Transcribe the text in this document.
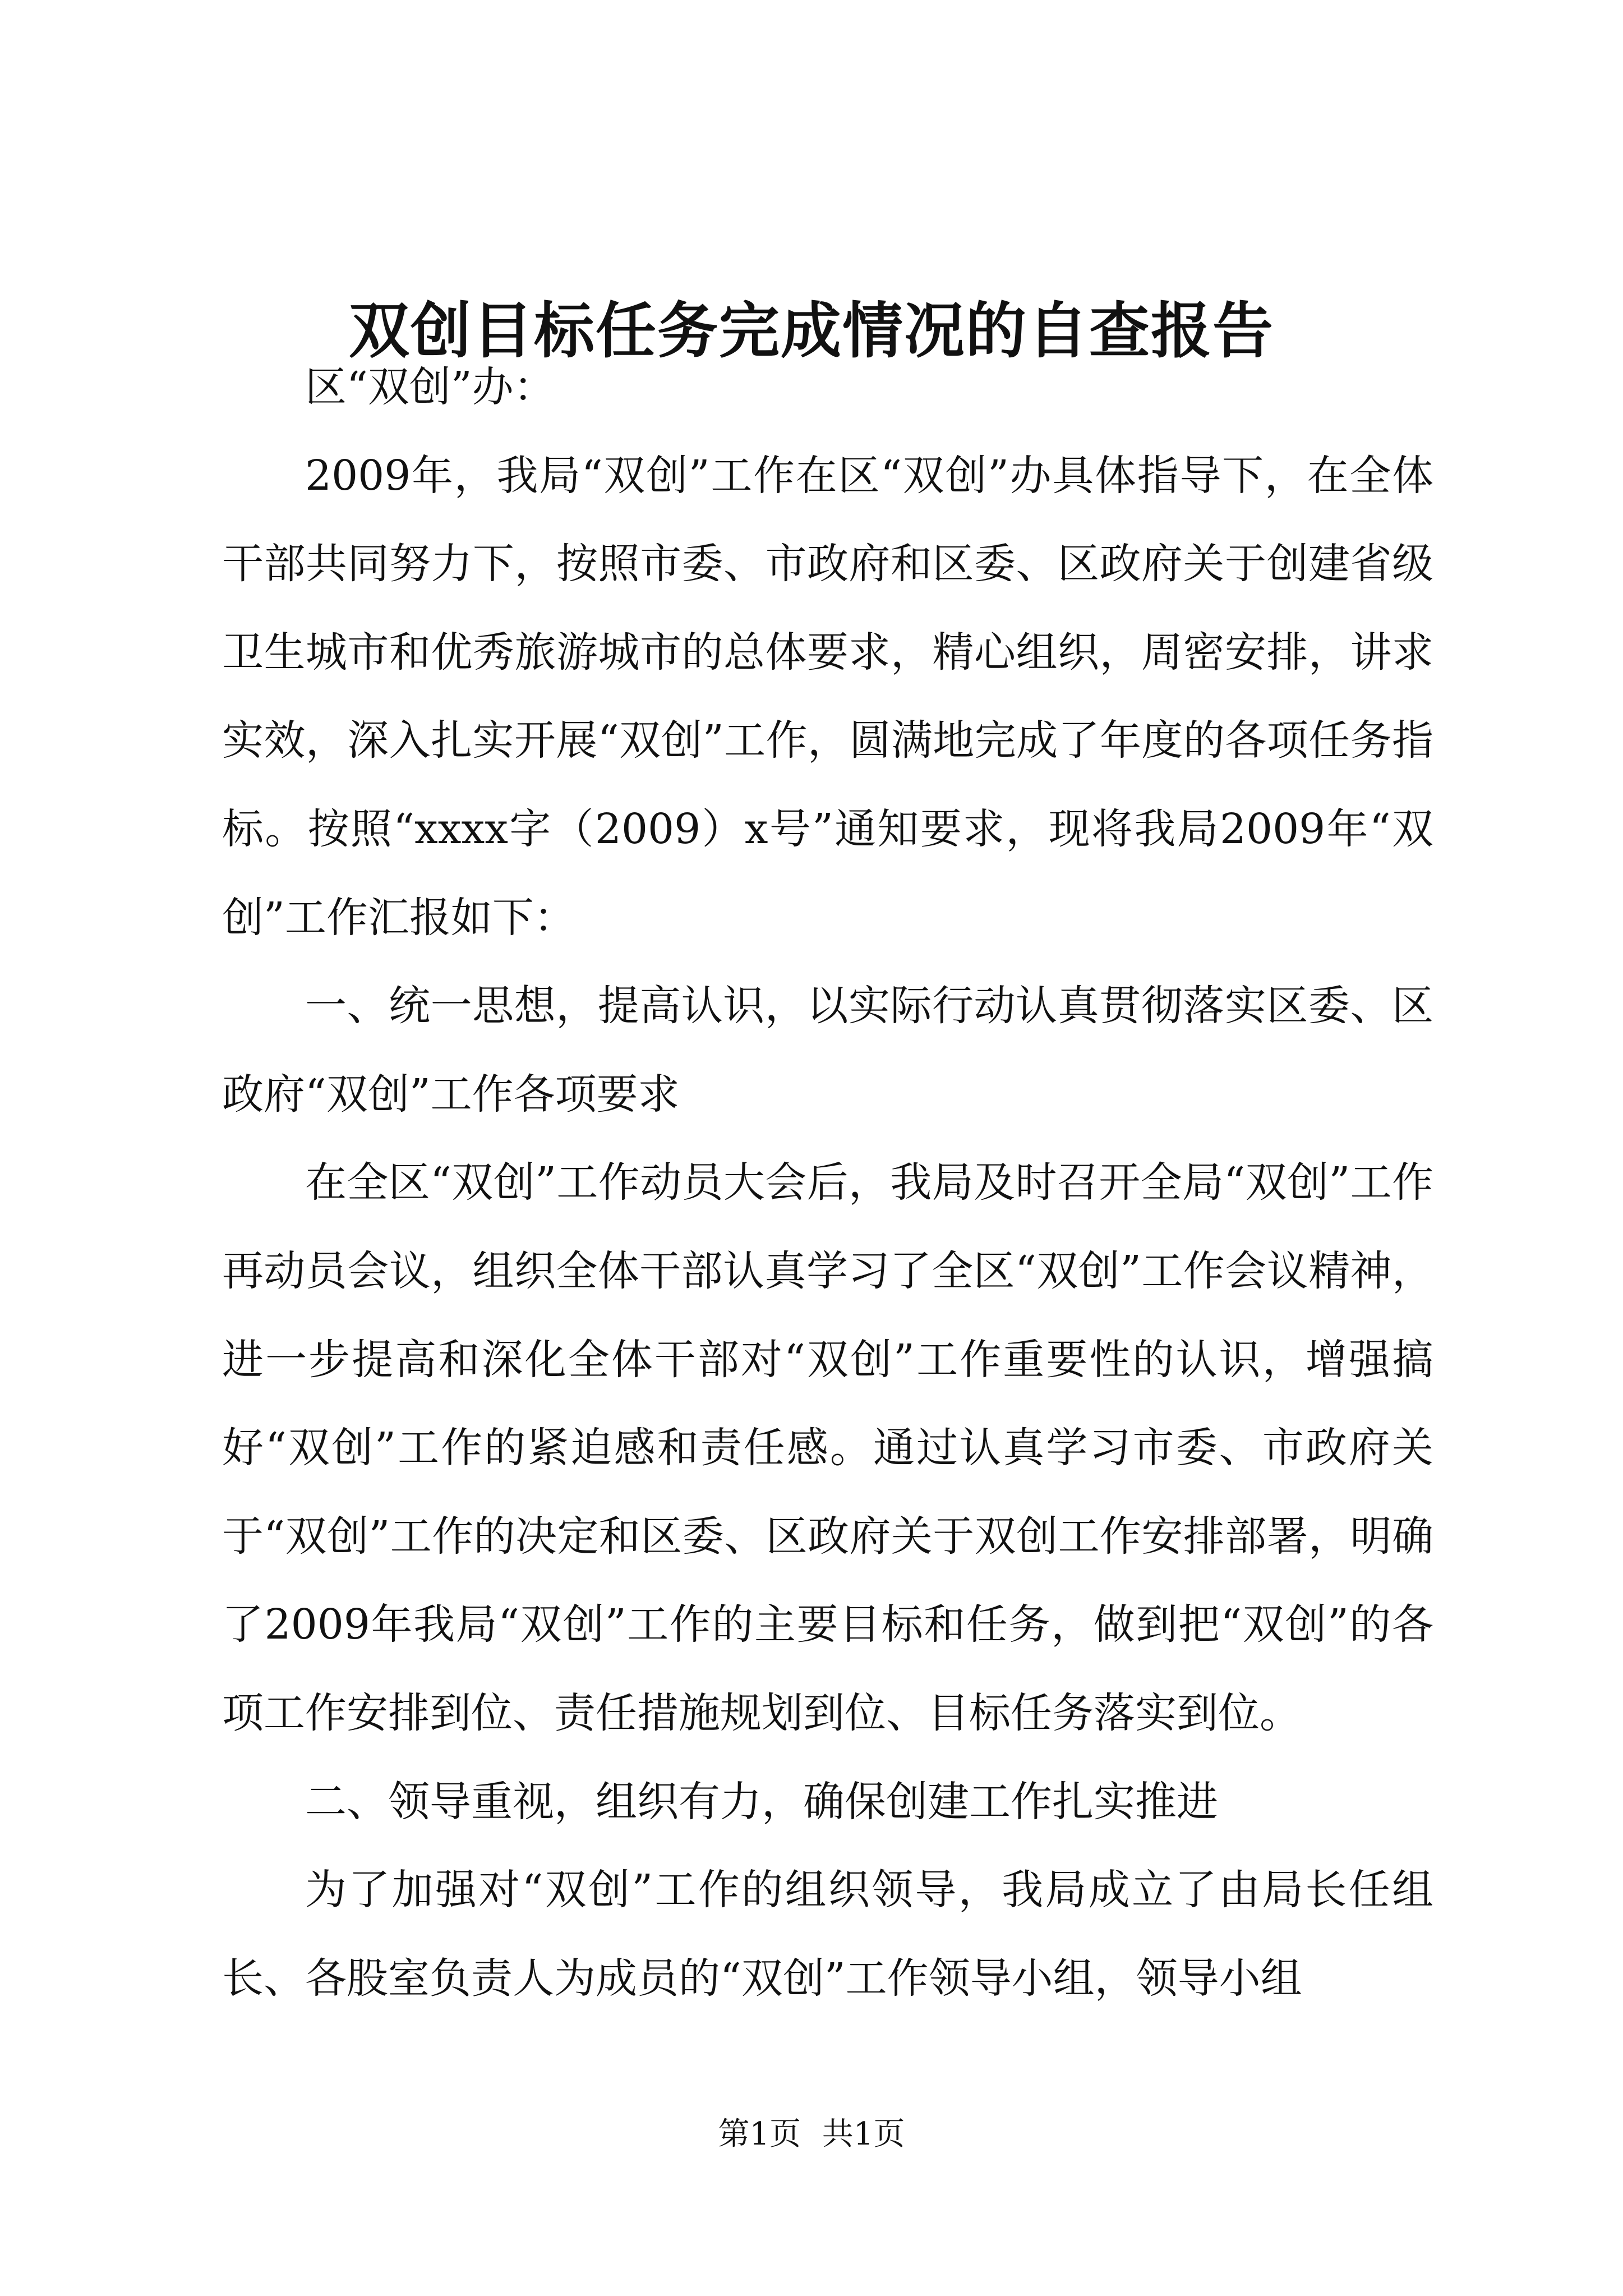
双创目标任务完成情况的自查报告

区“双创”办：

2009年，我局“双创”工作在区“双创”办具体指导下，在全体干部共同努力下，按照市委、市政府和区委、区政府关于创建省级卫生城市和优秀旅游城市的总体要求，精心组织，周密安排，讲求实效，深入扎实开展“双创”工作，圆满地完成了年度的各项任务指标。按照“xxxx字（2009）x号”通知要求，现将我局2009年“双创”工作汇报如下：

一、统一思想，提高认识，以实际行动认真贯彻落实区委、区政府“双创”工作各项要求

在全区“双创”工作动员大会后，我局及时召开全局“双创”工作再动员会议，组织全体干部认真学习了全区“双创”工作会议精神，进一步提高和深化全体干部对“双创”工作重要性的认识，增强搞好“双创”工作的紧迫感和责任感。通过认真学习市委、市政府关于“双创”工作的决定和区委、区政府关于双创工作安排部署，明确了2009年我局“双创”工作的主要目标和任务，做到把“双创”的各项工作安排到位、责任措施规划到位、目标任务落实到位。

二、领导重视，组织有力，确保创建工作扎实推进

为了加强对“双创”工作的组织领导，我局成立了由局长任组长、各股室负责人为成员的“双创”工作领导小组，领导小组

第1页 共1页
